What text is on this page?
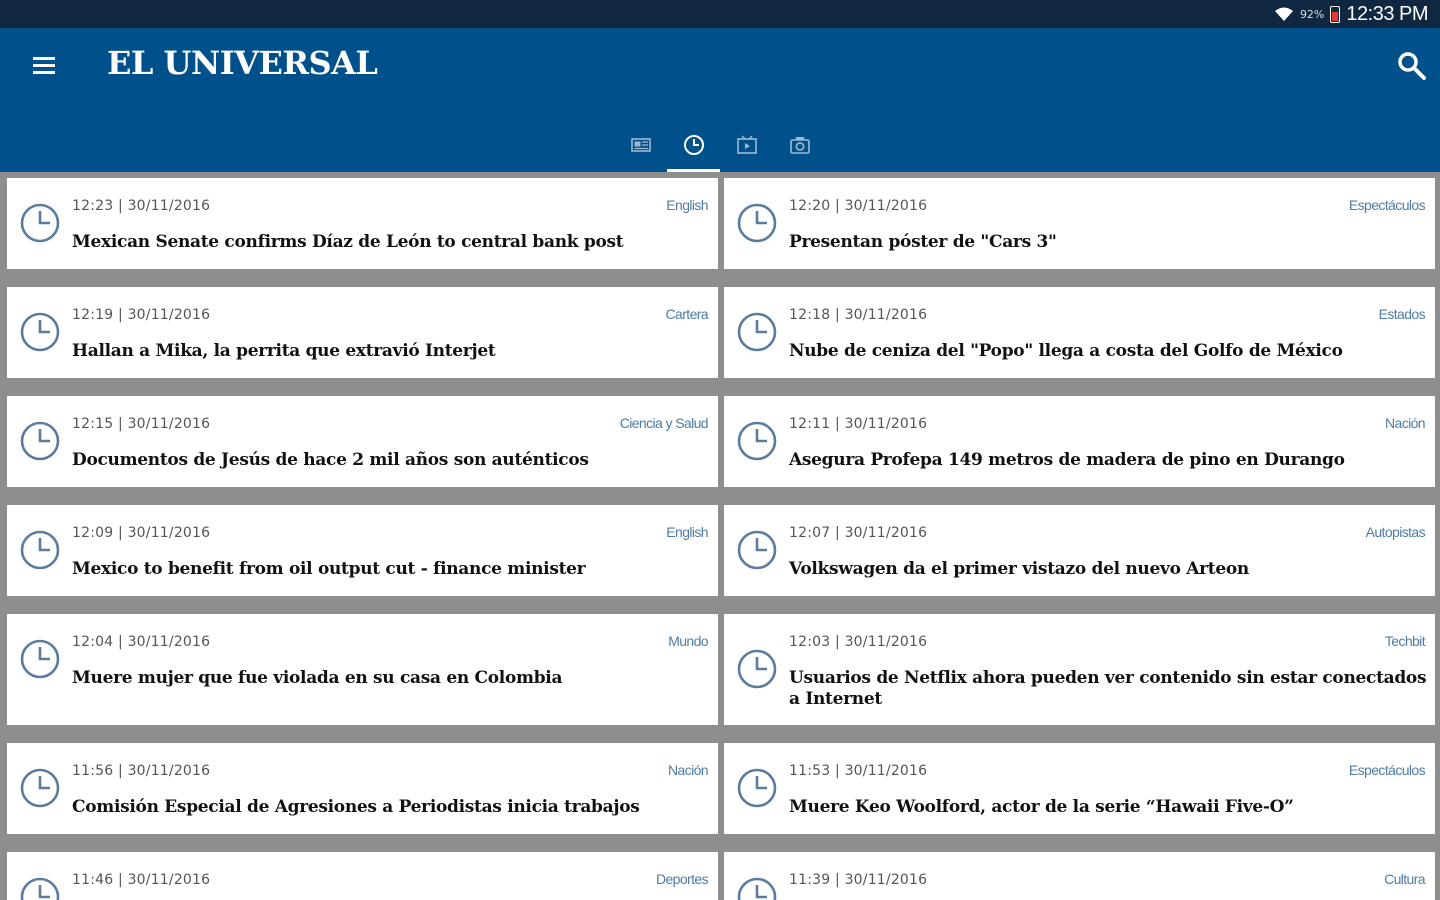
92% 12:33 PM
EL UNIVERSAL
12:23 | 30/11/2016	English
Mexican Senate confirms Díaz de León to central bank post
12:20 | 30/11/2016	Espectáculos
Presentan póster de "Cars 3"
12:19 | 30/11/2016	Cartera
Hallan a Mika, la perrita que extravió Interjet
12:18 | 30/11/2016	Estados
Nube de ceniza del "Popo" llega a costa del Golfo de México
12:15 | 30/11/2016	Ciencia y Salud
Documentos de Jesús de hace 2 mil años son auténticos
12:11 | 30/11/2016	Nación
Asegura Profepa 149 metros de madera de pino en Durango
12:09 | 30/11/2016	English
Mexico to benefit from oil output cut - finance minister
12:07 | 30/11/2016	Autopistas
Volkswagen da el primer vistazo del nuevo Arteon
12:04 | 30/11/2016	Mundo
Muere mujer que fue violada en su casa en Colombia
12:03 | 30/11/2016	Techbit
Usuarios de Netflix ahora pueden ver contenido sin estar conectados a Internet
11:56 | 30/11/2016	Nación
Comisión Especial de Agresiones a Periodistas inicia trabajos
11:53 | 30/11/2016	Espectáculos
Muere Keo Woolford, actor de la serie “Hawaii Five-O”
11:46 | 30/11/2016	Deportes	11:39 | 30/11/2016	Cultura
